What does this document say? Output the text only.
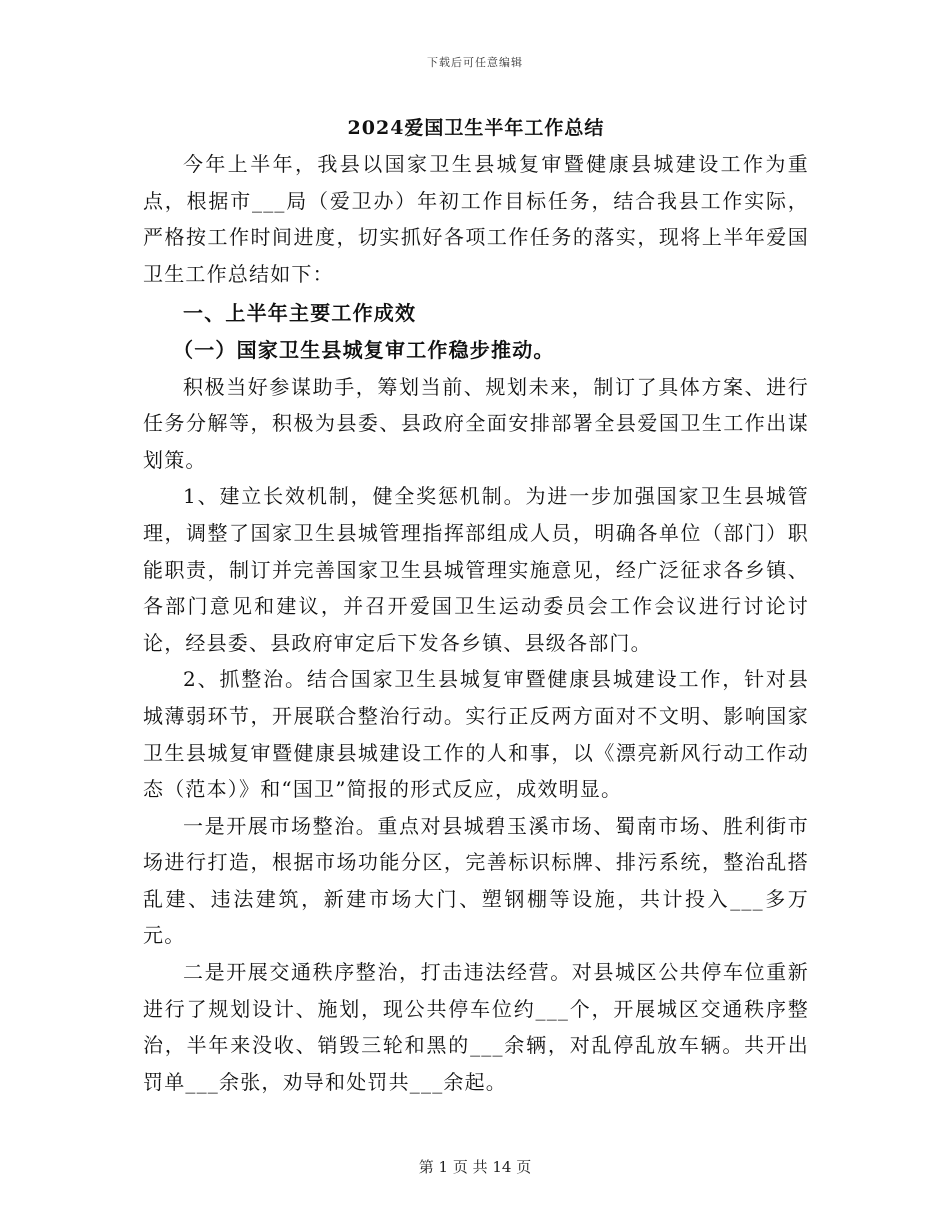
下载后可任意编辑
2024爱国卫生半年工作总结

今年上半年，我县以国家卫生县城复审暨健康县城建设工作为重点，根据市___局（爱卫办）年初工作目标任务，结合我县工作实际，严格按工作时间进度，切实抓好各项工作任务的落实，现将上半年爱国卫生工作总结如下：

一、上半年主要工作成效

（一）国家卫生县城复审工作稳步推动。

积极当好参谋助手，筹划当前、规划未来，制订了具体方案、进行任务分解等，积极为县委、县政府全面安排部署全县爱国卫生工作出谋划策。

1、建立长效机制，健全奖惩机制。为进一步加强国家卫生县城管理，调整了国家卫生县城管理指挥部组成人员，明确各单位（部门）职能职责，制订并完善国家卫生县城管理实施意见，经广泛征求各乡镇、各部门意见和建议，并召开爱国卫生运动委员会工作会议进行讨论讨论，经县委、县政府审定后下发各乡镇、县级各部门。

2、抓整治。结合国家卫生县城复审暨健康县城建设工作，针对县城薄弱环节，开展联合整治行动。实行正反两方面对不文明、影响国家卫生县城复审暨健康县城建设工作的人和事，以《漂亮新风行动工作动态（范本）》和“国卫”简报的形式反应，成效明显。

一是开展市场整治。重点对县城碧玉溪市场、蜀南市场、胜利街市场进行打造，根据市场功能分区，完善标识标牌、排污系统，整治乱搭乱建、违法建筑，新建市场大门、塑钢棚等设施，共计投入___多万元。

二是开展交通秩序整治，打击违法经营。对县城区公共停车位重新进行了规划设计、施划，现公共停车位约___个，开展城区交通秩序整治，半年来没收、销毁三轮和黑的___余辆，对乱停乱放车辆。共开出罚单___余张，劝导和处罚共___余起。

第 1 页 共 14 页
